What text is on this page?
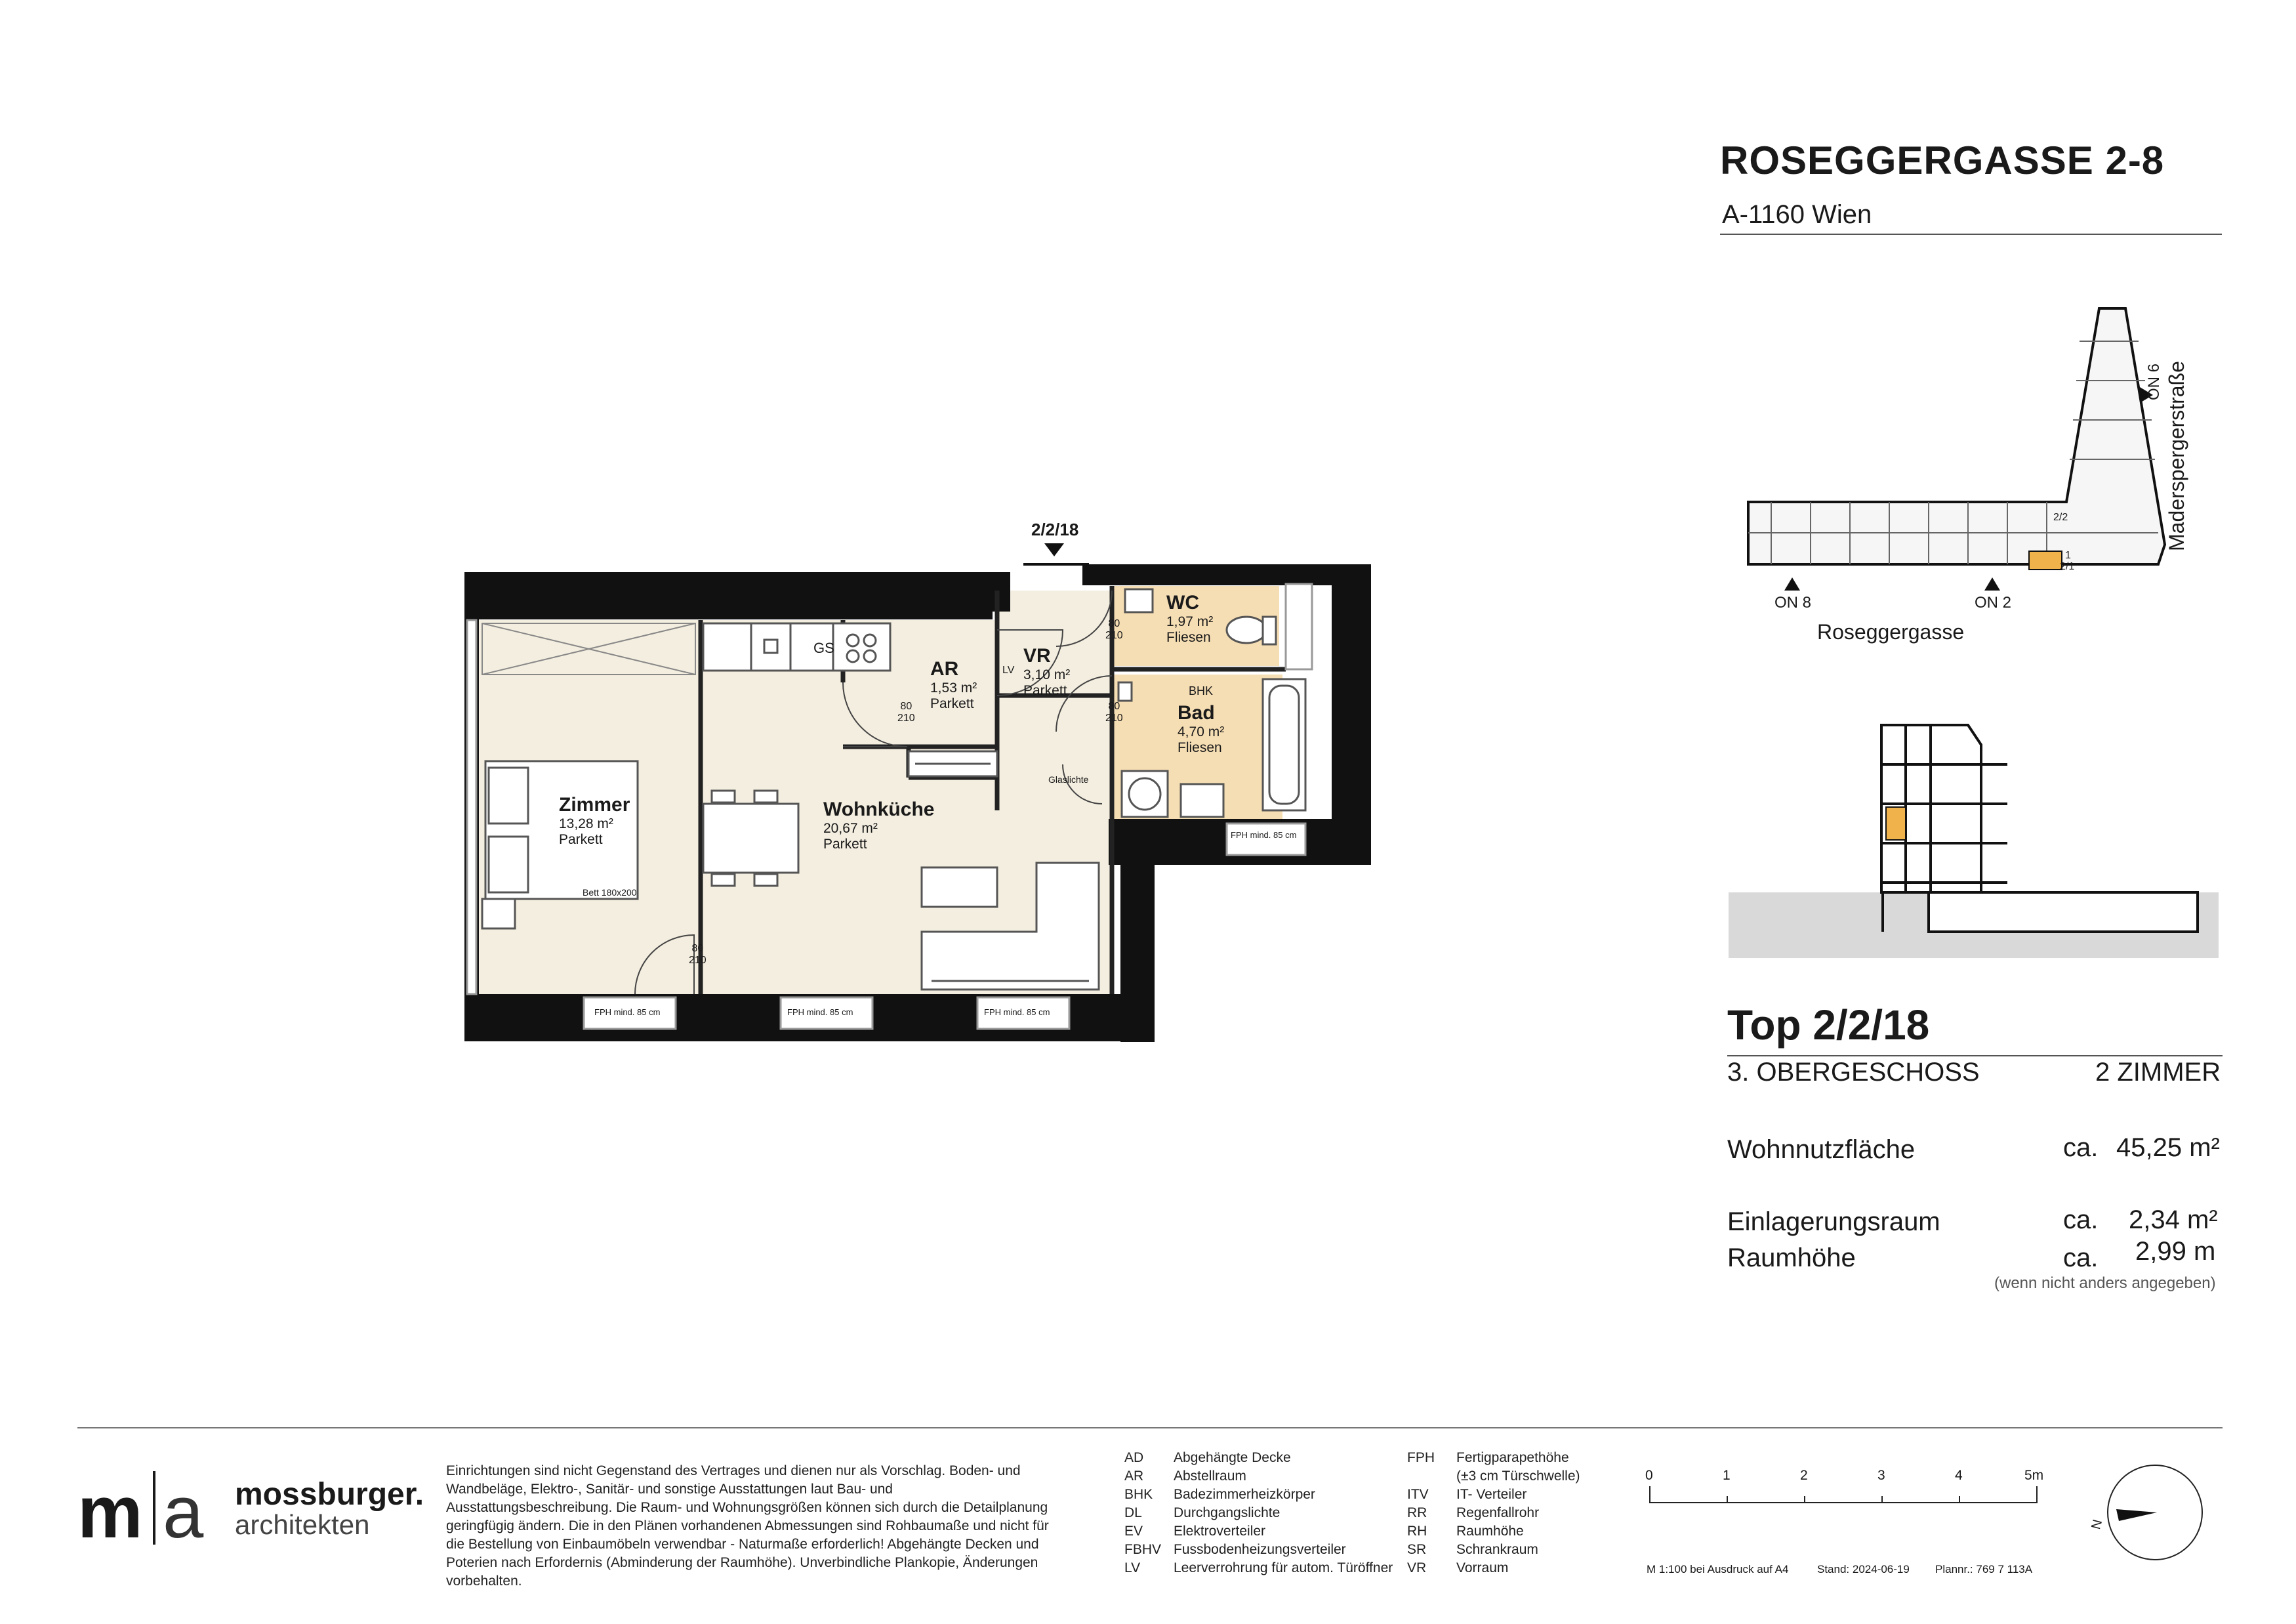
ROSEGGERGASSE 2-8
A-1160 Wien
2/2/18
Zimmer
13,28 m²
Parkett
Wohnküche
20,67 m²
Parkett
AR
1,53 m²
Parkett
VR
3,10 m²
Parkett
WC
1,97 m²
Fliesen
Bad
4,70 m²
Fliesen
Bett 180x200
GS
BHK
LV
Glaslichte
80
210
80
210
80
210
80
210
FPH mind. 85 cm	FPH mind. 85 cm	FPH mind. 85 cm
FPH mind. 85 cm
ON 8	ON 2
ON 6
Roseggergasse
Maderspergerstraße
2/2
2/1
1
Top 2/2/18
3. OBERGESCHOSS	2 ZIMMER
Wohnnutzfläche	ca. 45,25 m²
Einlagerungsraum	ca. 2,34 m²
Raumhöhe	ca. 2,99 m
(wenn nicht anders angegeben)
m a mossburger.
architekten
Einrichtungen sind nicht Gegenstand des Vertrages und dienen nur als Vorschlag. Boden- und Wandbeläge, Elektro-, Sanitär- und sonstige Ausstattungen laut Bau- und Ausstattungsbeschreibung. Die Raum- und Wohnungsgrößen können sich durch die Detailplanung geringfügig ändern. Die in den Plänen vorhandenen Abmessungen sind Rohbaumaße und nicht für die Bestellung von Einbaumöbeln verwendbar - Naturmaße erforderlich! Abgehängte Decken und Poterien nach Erfordernis (Abminderung der Raumhöhe). Unverbindliche Plankopie, Änderungen vorbehalten.
AD	Abgehängte Decke
AR	Abstellraum
BHK	Badezimmerheizkörper
DL	Durchgangslichte
EV	Elektroverteiler
FBHV Fussbodenheizungsverteiler
LV	Leerverrohrung für autom. Türöffner
FPH	Fertigparapethöhe
(±3 cm Türschwelle)
ITV	IT- Verteiler
RR	Regenfallrohr
RH	Raumhöhe
SR	Schrankraum
VR	Vorraum
0	1	2	3	4	5m
M 1:100 bei Ausdruck auf A4	Stand: 2024-06-19 Plannr.: 769 7 113A
N
